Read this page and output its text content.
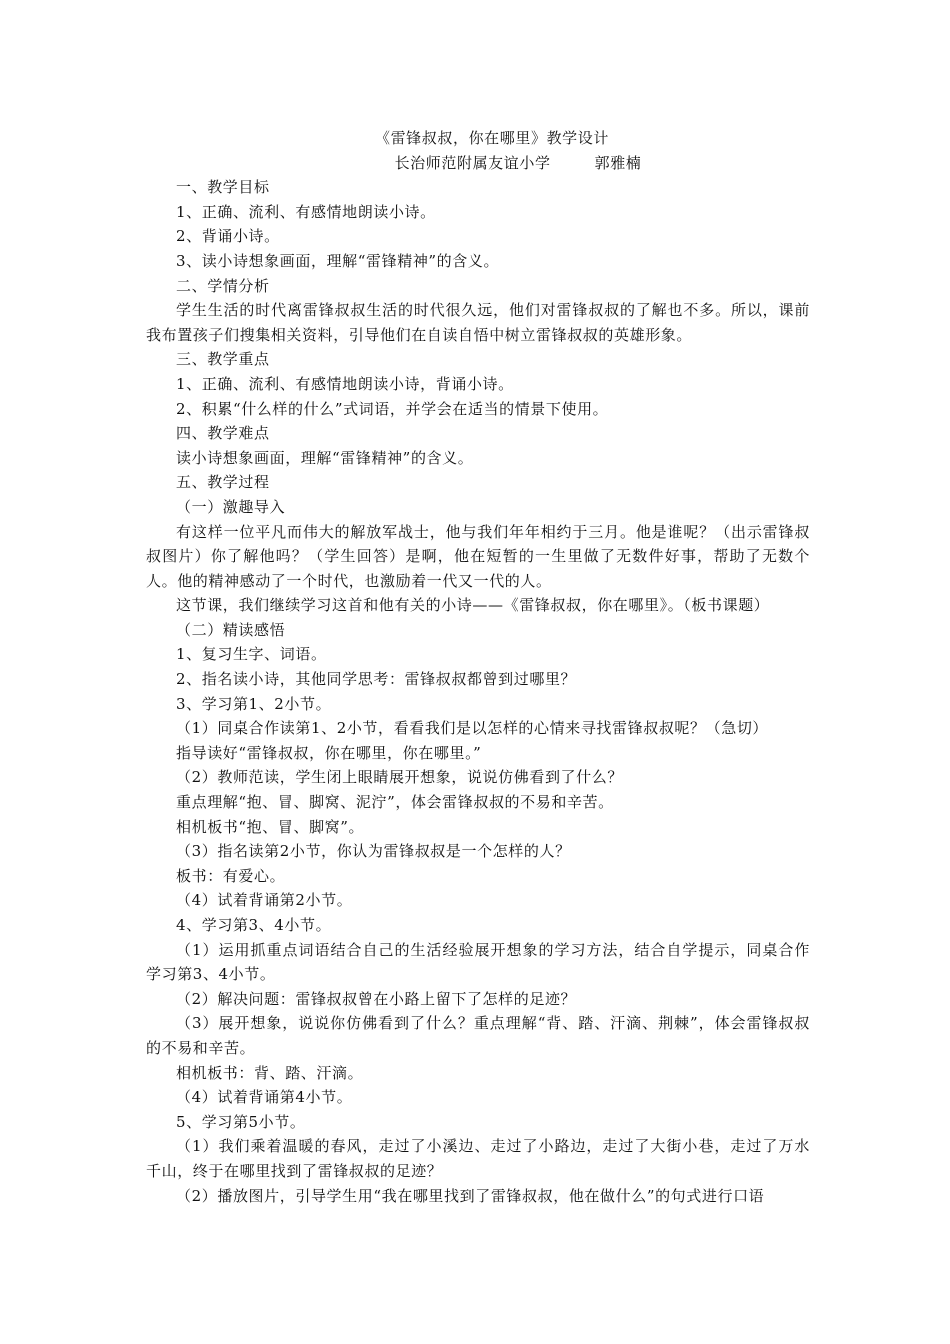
《雷锋叔叔，你在哪里》教学设计

长治师范附属友谊小学	郭雅楠

一、教学目标

1、正确、流利、有感情地朗读小诗。

2、背诵小诗。

3、读小诗想象画面，理解“雷锋精神”的含义。

二、学情分析

学生生活的时代离雷锋叔叔生活的时代很久远，他们对雷锋叔叔的了解也不多。所以，课前我布置孩子们搜集相关资料，引导他们在自读自悟中树立雷锋叔叔的英雄形象。

三、教学重点

1、正确、流利、有感情地朗读小诗，背诵小诗。

2、积累“什么样的什么”式词语，并学会在适当的情景下使用。

四、教学难点

读小诗想象画面，理解“雷锋精神”的含义。

五、教学过程

（一）激趣导入

有这样一位平凡而伟大的解放军战士，他与我们年年相约于三月。他是谁呢？（出示雷锋叔叔图片）你了解他吗？（学生回答）是啊，他在短暂的一生里做了无数件好事，帮助了无数个人。他的精神感动了一个时代，也激励着一代又一代的人。

这节课，我们继续学习这首和他有关的小诗——《雷锋叔叔，你在哪里》。（板书课题）

（二）精读感悟

1、复习生字、词语。

2、指名读小诗，其他同学思考：雷锋叔叔都曾到过哪里？

3、学习第1、2小节。

（1）同桌合作读第1、2小节，看看我们是以怎样的心情来寻找雷锋叔叔呢？（急切）

指导读好“雷锋叔叔，你在哪里，你在哪里。”

（2）教师范读，学生闭上眼睛展开想象，说说仿佛看到了什么？

重点理解“抱、冒、脚窝、泥泞”，体会雷锋叔叔的不易和辛苦。

相机板书“抱、冒、脚窝”。

（3）指名读第2小节，你认为雷锋叔叔是一个怎样的人？

板书：有爱心。

（4）试着背诵第2小节。

4、学习第3、4小节。

（1）运用抓重点词语结合自己的生活经验展开想象的学习方法，结合自学提示，同桌合作学习第3、4小节。

（2）解决问题：雷锋叔叔曾在小路上留下了怎样的足迹？

（3）展开想象，说说你仿佛看到了什么？重点理解“背、踏、汗滴、荆棘”，体会雷锋叔叔的不易和辛苦。

相机板书：背、踏、汗滴。

（4）试着背诵第4小节。

5、学习第5小节。

（1）我们乘着温暖的春风，走过了小溪边、走过了小路边，走过了大街小巷，走过了万水千山，终于在哪里找到了雷锋叔叔的足迹？

（2）播放图片，引导学生用“我在哪里找到了雷锋叔叔，他在做什么”的句式进行口语
